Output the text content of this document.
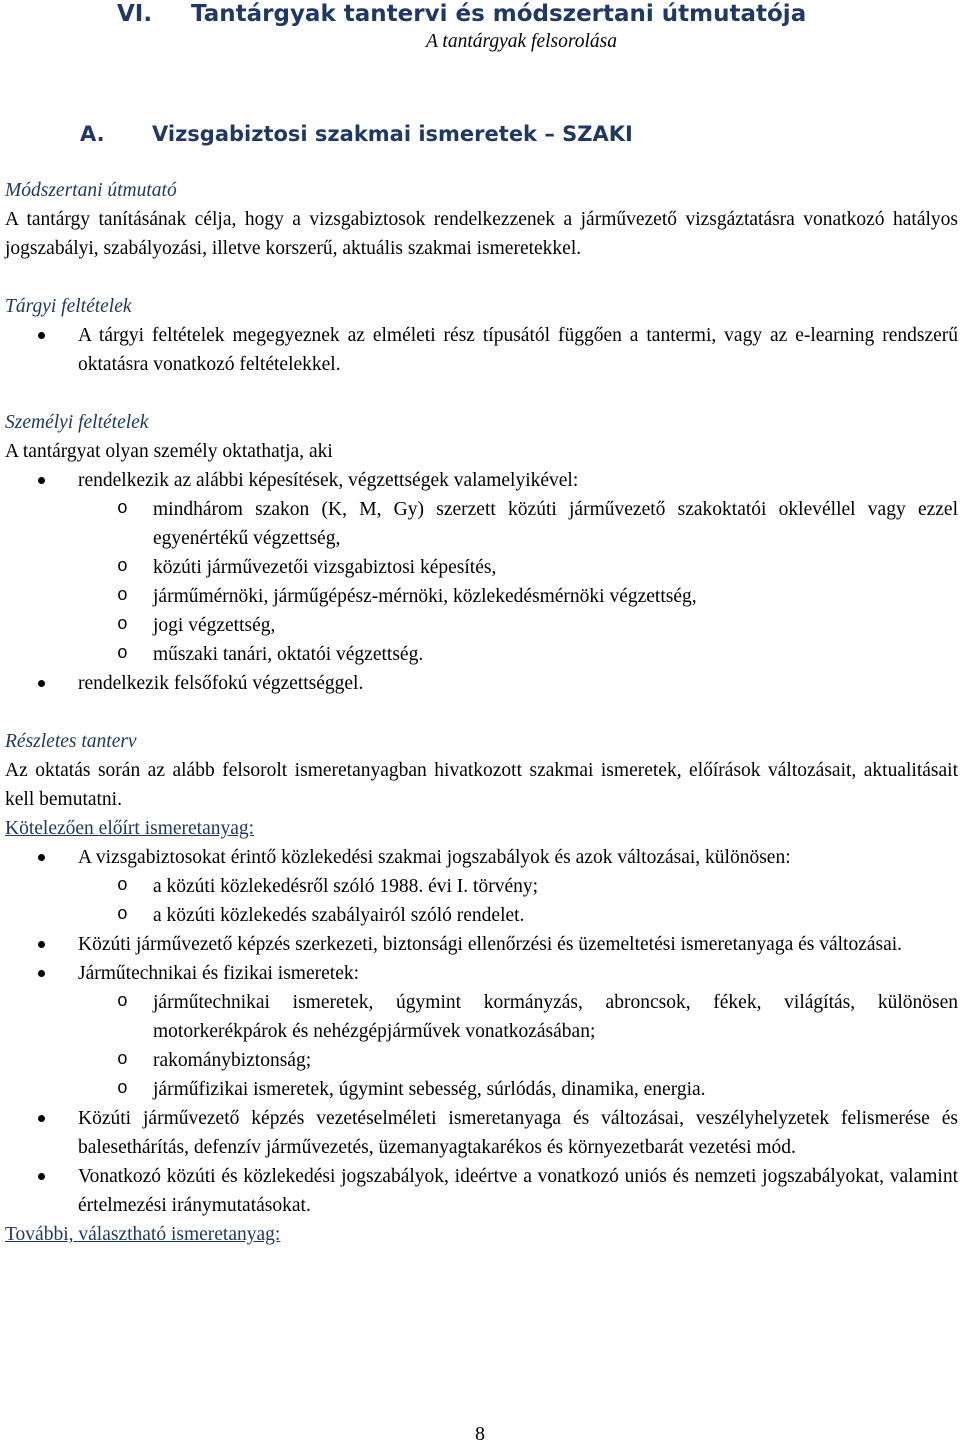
VI. Tantárgyak tantervi és módszertani útmutatója
A tantárgyak felsorolása
A. Vizsgabiztosi szakmai ismeretek – SZAKI
Módszertani útmutató

A tantárgy tanításának célja, hogy a vizsgabiztosok rendelkezzenek a járművezető vizsgáztatásra vonatkozó hatályos jogszabályi, szabályozási, illetve korszerű, aktuális szakmai ismeretekkel.

Tárgyi feltételek
A tárgyi feltételek megegyeznek az elméleti rész típusától függően a tantermi, vagy az e-learning rendszerű oktatásra vonatkozó feltételekkel.
Személyi feltételek

A tantárgyat olyan személy oktathatja, aki

rendelkezik az alábbi képesítések, végzettségek valamelyikével:
o mindhárom szakon (K, M, Gy) szerzett közúti járművezető szakoktatói oklevéllel vagy ezzel egyenértékű végzettség,
o közúti járművezetői vizsgabiztosi képesítés,
o járműmérnöki, járműgépész-mérnöki, közlekedésmérnöki végzettség,
o jogi végzettség,
o műszaki tanári, oktatói végzettség.
rendelkezik felsőfokú végzettséggel.
Részletes tanterv

Az oktatás során az alább felsorolt ismeretanyagban hivatkozott szakmai ismeretek, előírások változásait, aktualitásait kell bemutatni.

Kötelezően előírt ismeretanyag:
A vizsgabiztosokat érintő közlekedési szakmai jogszabályok és azok változásai, különösen:
o a közúti közlekedésről szóló 1988. évi I. törvény;
o a közúti közlekedés szabályairól szóló rendelet.
Közúti járművezető képzés szerkezeti, biztonsági ellenőrzési és üzemeltetési ismeretanyaga és változásai.
Járműtechnikai és fizikai ismeretek:
o járműtechnikai ismeretek, úgymint kormányzás, abroncsok, fékek, világítás, különösen motorkerékpárok és nehézgépjárművek vonatkozásában;
o rakománybiztonság;
o járműfizikai ismeretek, úgymint sebesség, súrlódás, dinamika, energia.
Közúti járművezető képzés vezetéselméleti ismeretanyaga és változásai, veszélyhelyzetek felismerése és balesethárítás, defenzív járművezetés, üzemanyagtakarékos és környezetbarát vezetési mód.
Vonatkozó közúti és közlekedési jogszabályok, ideértve a vonatkozó uniós és nemzeti jogszabályokat, valamint értelmezési iránymutatásokat.
További, választható ismeretanyag:
8
